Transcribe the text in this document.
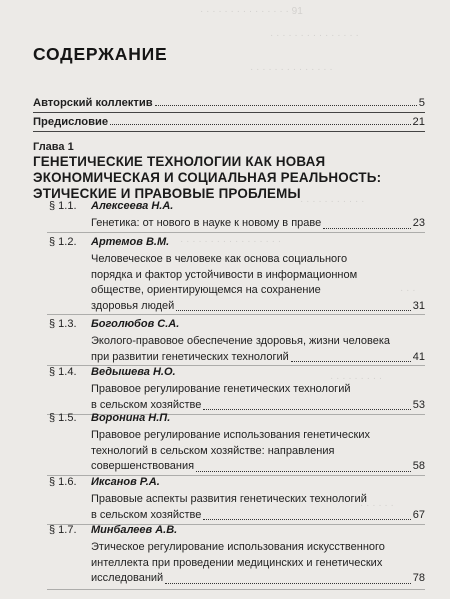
· · · · · · · · · · · · · · · 91
· · · · · · · · · · · · · · ·
· · · · · · · · · · · · · ·
· · · · · · · · · · ·
· · · · · · · · · · · · · · · · ·
· · ·
· · · · · · · · ·
· · · · · ·
· · · · · ·
СОДЕРЖАНИЕ
Авторский коллектив	5
Предисловие	21
Глава 1
ГЕНЕТИЧЕСКИЕ ТЕХНОЛОГИИ КАК НОВАЯ
ЭКОНОМИЧЕСКАЯ И СОЦИАЛЬНАЯ РЕАЛЬНОСТЬ:
ЭТИЧЕСКИЕ И ПРАВОВЫЕ ПРОБЛЕМЫ
§ 1.1. Алексеева Н.А.
Генетика: от нового в науке к новому в праве	23
§ 1.2. Артемов В.М.
Человеческое в человеке как основа социального
порядка и фактор устойчивости в информационном
обществе, ориентирующемся на сохранение
здоровья людей	31
§ 1.3. Боголюбов С.А.
Эколого-правовое обеспечение здоровья, жизни человека
при развитии генетических технологий	41
§ 1.4. Ведышева Н.О.
Правовое регулирование генетических технологий
в сельском хозяйстве	53
§ 1.5. Воронина Н.П.
Правовое регулирование использования генетических
технологий в сельском хозяйстве: направления
совершенствования	58
§ 1.6. Иксанов Р.А.
Правовые аспекты развития генетических технологий
в сельском хозяйстве	67
§ 1.7. Минбалеев А.В.
Этическое регулирование использования искусственного
интеллекта при проведении медицинских и генетических
исследований	78
